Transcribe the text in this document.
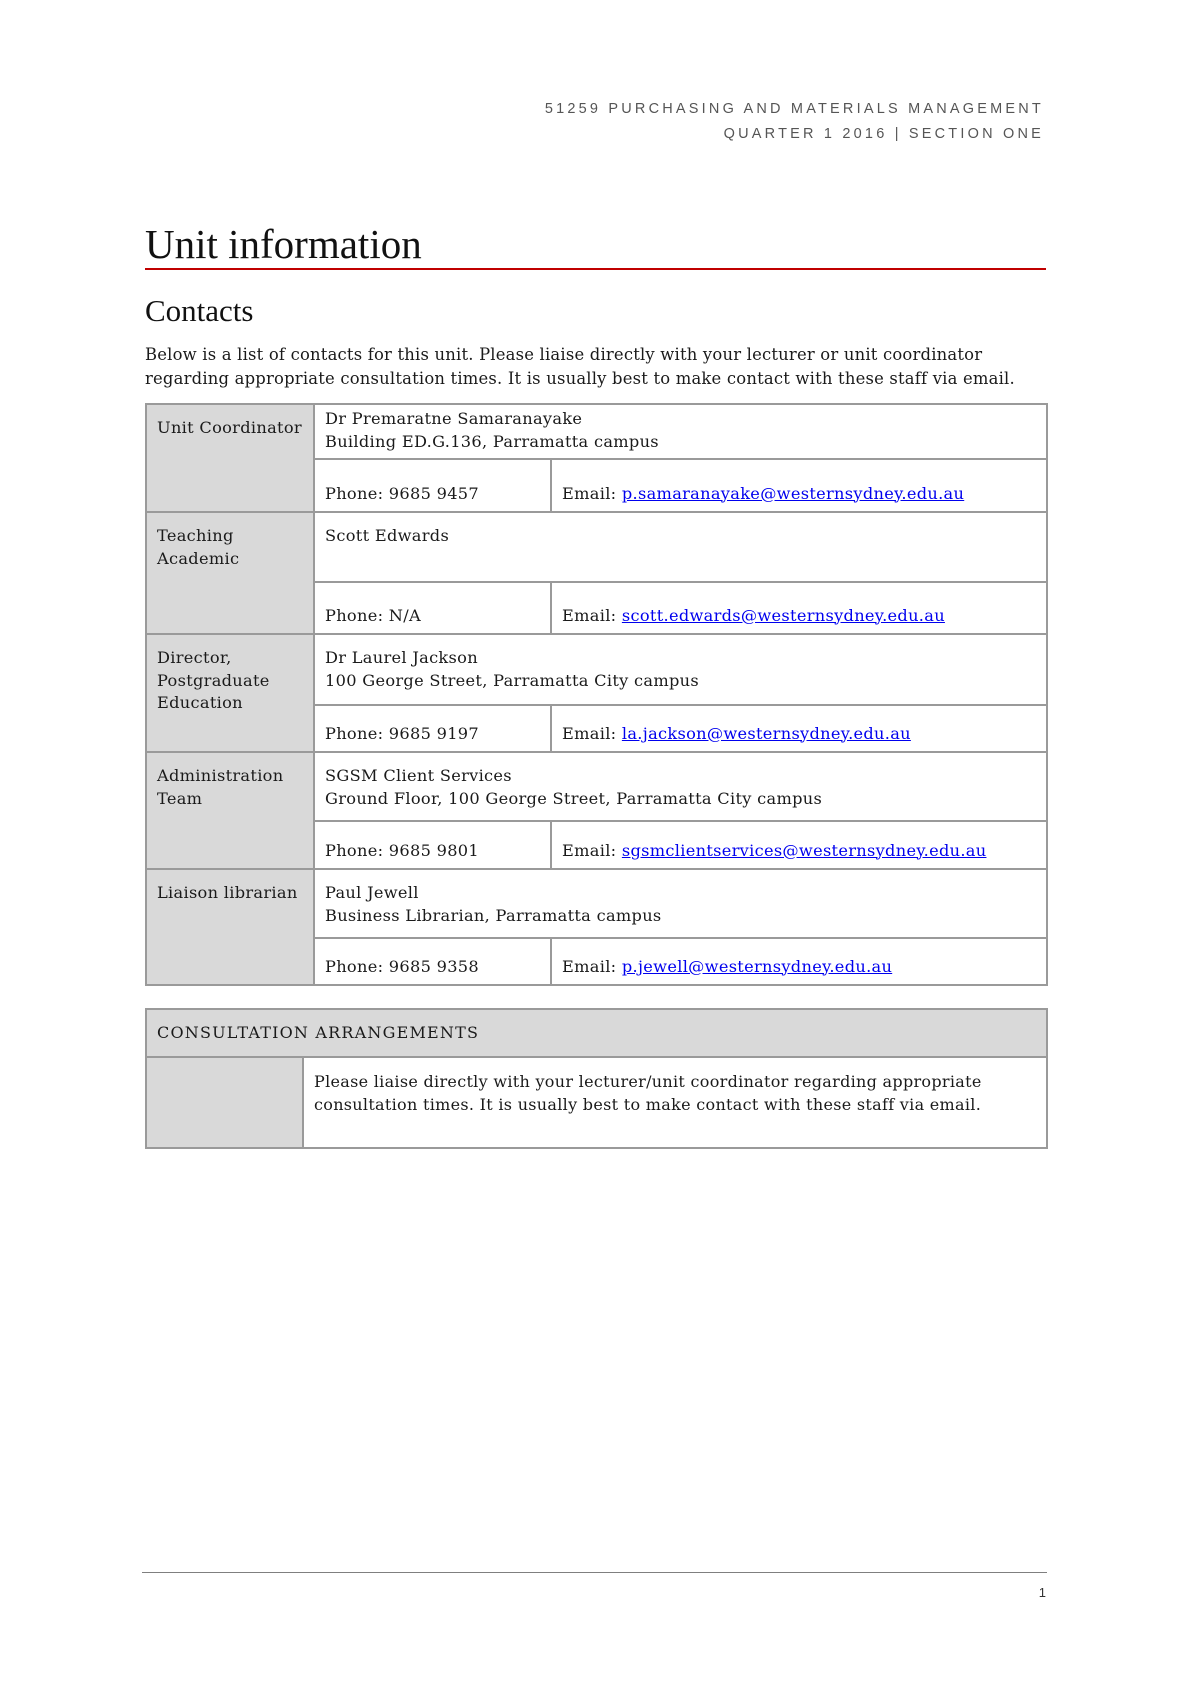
51259 PURCHASING AND MATERIALS MANAGEMENT
QUARTER 1 2016 | SECTION ONE
Unit information
Contacts

Below is a list of contacts for this unit. Please liaise directly with your lecturer or unit coordinator regarding appropriate consultation times. It is usually best to make contact with these staff via email.

Unit Coordinator	Dr Premaratne Samaranayake
Building ED.G.136, Parramatta campus	

	Phone: 9685 9457	Email: p.samaranayake@westernsydney.edu.au
Teaching Academic	Scott Edwards	

	Phone: N/A	Email: scott.edwards@westernsydney.edu.au
Director, Postgraduate Education	Dr Laurel Jackson
100 George Street, Parramatta City campus	

	Phone: 9685 9197	Email: la.jackson@westernsydney.edu.au
Administration Team	SGSM Client Services
Ground Floor, 100 George Street, Parramatta City campus	

	Phone: 9685 9801	Email: sgsmclientservices@westernsydney.edu.au
Liaison librarian	Paul Jewell
Business Librarian, Parramatta campus	

	Phone: 9685 9358	Email: p.jewell@westernsydney.edu.au
CONSULTATION ARRANGEMENTS
	Please liaise directly with your lecturer/unit coordinator regarding appropriate consultation times. It is usually best to make contact with these staff via email.
1
